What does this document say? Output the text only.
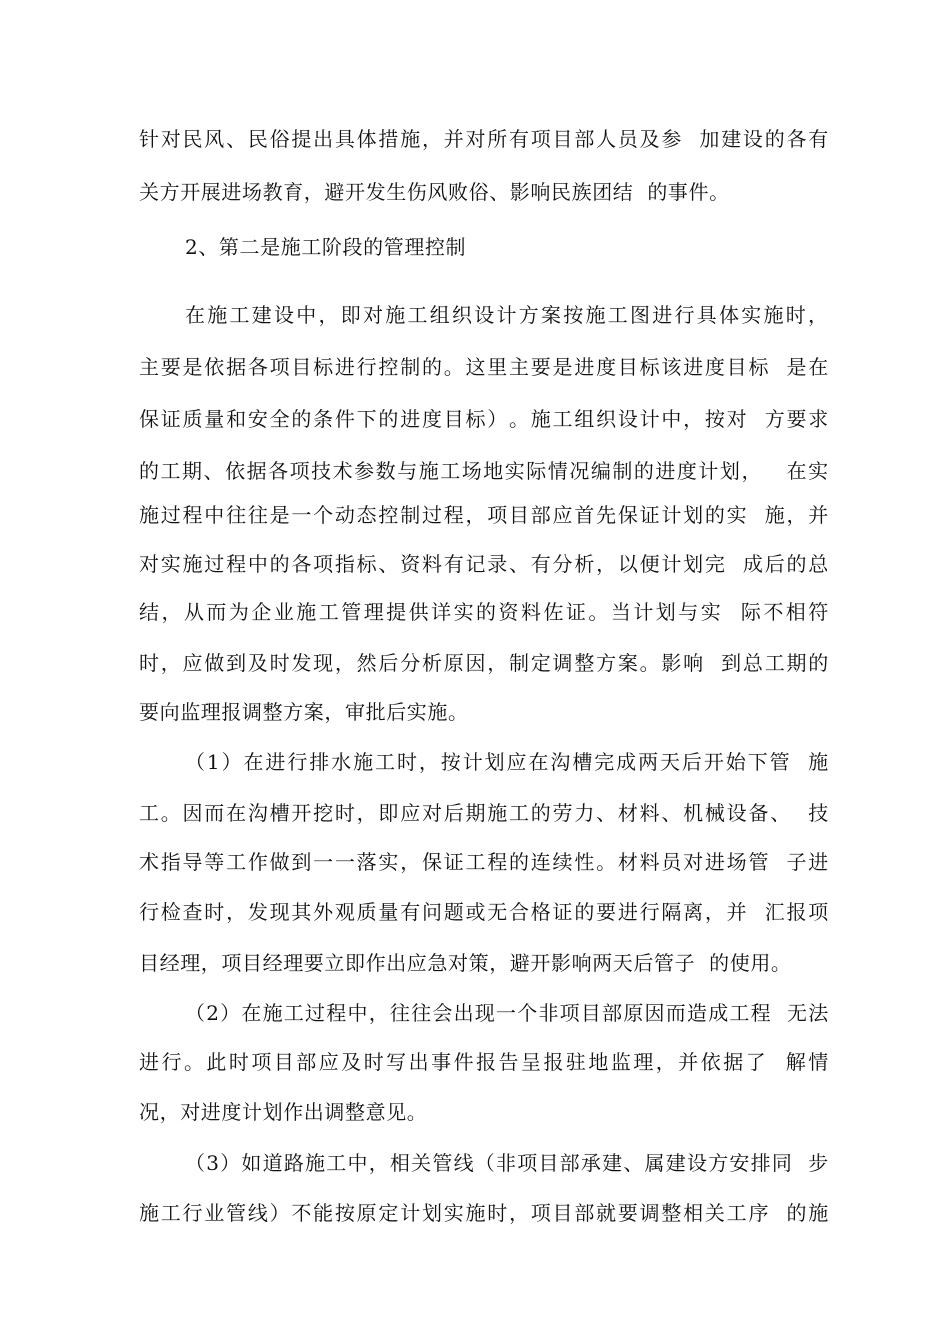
针 对 民 风 、 民 俗 提 出 具 体 措 施 ， 并 对 所 有 项 目 部 人 员 及 参

加 建 设 的 各 有
关方开展进场教育，避开发生伤风败俗、影响民族团结  的事件。
2、第二是施工阶段的管理控制
在 施 工 建 设 中 ， 即 对 施 工 组 织 设 计 方 案 按 施 工 图 进 行 具 体 实 施 时 ，
主 要 是 依 据 各 项 目 标 进 行 控 制 的 。 这 里 主 要 是 进 度 目 标 该 进 度 目 标

是 在
保 证 质 量 和 安 全 的 条 件 下 的 进 度 目 标 ） 。 施 工 组 织 设 计 中 ， 按 对

方 要 求
的 工 期 、 依 据 各 项 技 术 参 数 与 施 工 场 地 实 际 情 况 编 制 的 进 度 计 划 ，

在 实
施 过 程 中 往 往 是 一 个 动 态 控 制 过 程 ， 项 目 部 应 首 先 保 证 计 划 的 实

施 ， 并
对 实 施 过 程 中 的 各 项 指 标 、 资 料 有 记 录 、 有 分 析 ， 以 便 计 划 完

成 后 的 总
结 ， 从 而 为 企 业 施 工 管 理 提 供 详 实 的 资 料 佐 证 。 当 计 划 与 实

际 不 相 符
时 ， 应 做 到 及 时 发 现 ， 然 后 分 析 原 因 ， 制 定 调 整 方 案 。 影 响

到 总 工 期 的
要向监理报调整方案，审批后实施。
（ 1 ） 在 进 行 排 水 施 工 时 ， 按 计 划 应 在 沟 槽 完 成 两 天 后 开 始 下 管

施
工 。 因 而 在 沟 槽 开 挖 时 ， 即 应 对 后 期 施 工 的 劳 力 、 材 料 、 机 械 设 备 、

技
术 指 导 等 工 作 做 到 一 一 落 实 ， 保 证 工 程 的 连 续 性 。 材 料 员 对 进 场 管

子 进
行 检 查 时 ， 发 现 其 外 观 质 量 有 问 题 或 无 合 格 证 的 要 进 行 隔 离 ， 并

汇 报 项
目经理，项目经理要立即作出应急对策，避开影响两天后管子  的使用。
（ 2 ） 在 施 工 过 程 中 ， 往 往 会 出 现 一 个 非 项 目 部 原 因 而 造 成 工 程

无 法
进 行 。 此 时 项 目 部 应 及 时 写 出 事 件 报 告 呈 报 驻 地 监 理 ， 并 依 据 了

解 情
况，对进度计划作出调整意见。
（ 3 ） 如 道 路 施 工 中 ， 相 关 管 线 （ 非 项 目 部 承 建 、 属 建 设 方 安 排 同

步
施 工 行 业 管 线 ） 不 能 按 原 定 计 划 实 施 时 ， 项 目 部 就 要 调 整 相 关 工 序

的 施
